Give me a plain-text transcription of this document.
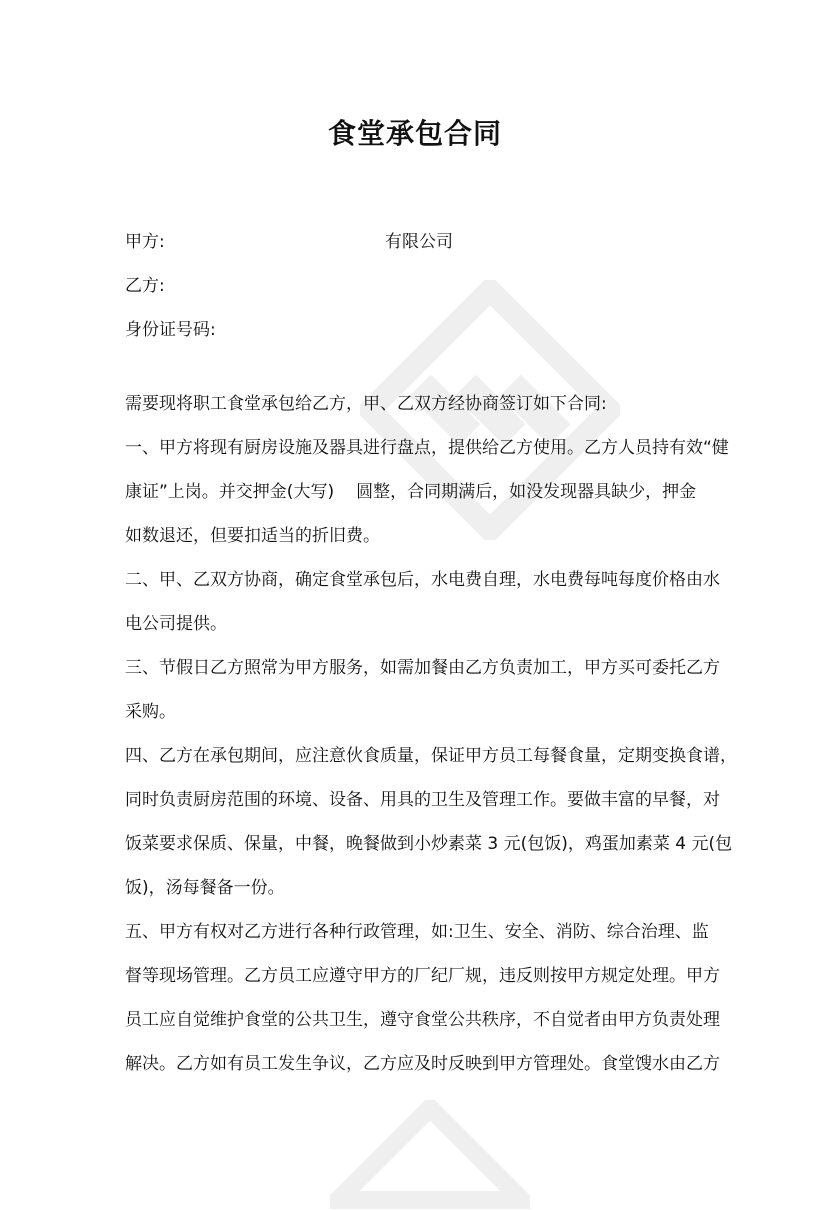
食堂承包合同

甲方:	有限公司

乙方:

身份证号码:

需要现将职工食堂承包给乙方，甲、乙双方经协商签订如下合同:

一、甲方将现有厨房设施及器具进行盘点，提供给乙方使用。乙方人员持有效“健

康证”上岗。并交押金(大写) 圆整，合同期满后，如没发现器具缺少，押金

如数退还，但要扣适当的折旧费。

二、甲、乙双方协商，确定食堂承包后，水电费自理，水电费每吨每度价格由水

电公司提供。

三、节假日乙方照常为甲方服务，如需加餐由乙方负责加工，甲方买可委托乙方

采购。

四、乙方在承包期间，应注意伙食质量，保证甲方员工每餐食量，定期变换食谱，

同时负责厨房范围的环境、设备、用具的卫生及管理工作。要做丰富的早餐，对

饭菜要求保质、保量，中餐，晚餐做到小炒素菜 3 元(包饭)，鸡蛋加素菜 4 元(包

饭)，汤每餐备一份。

五、甲方有权对乙方进行各种行政管理，如:卫生、安全、消防、综合治理、监

督等现场管理。乙方员工应遵守甲方的厂纪厂规，违反则按甲方规定处理。甲方

员工应自觉维护食堂的公共卫生，遵守食堂公共秩序，不自觉者由甲方负责处理

解决。乙方如有员工发生争议，乙方应及时反映到甲方管理处。食堂馊水由乙方
